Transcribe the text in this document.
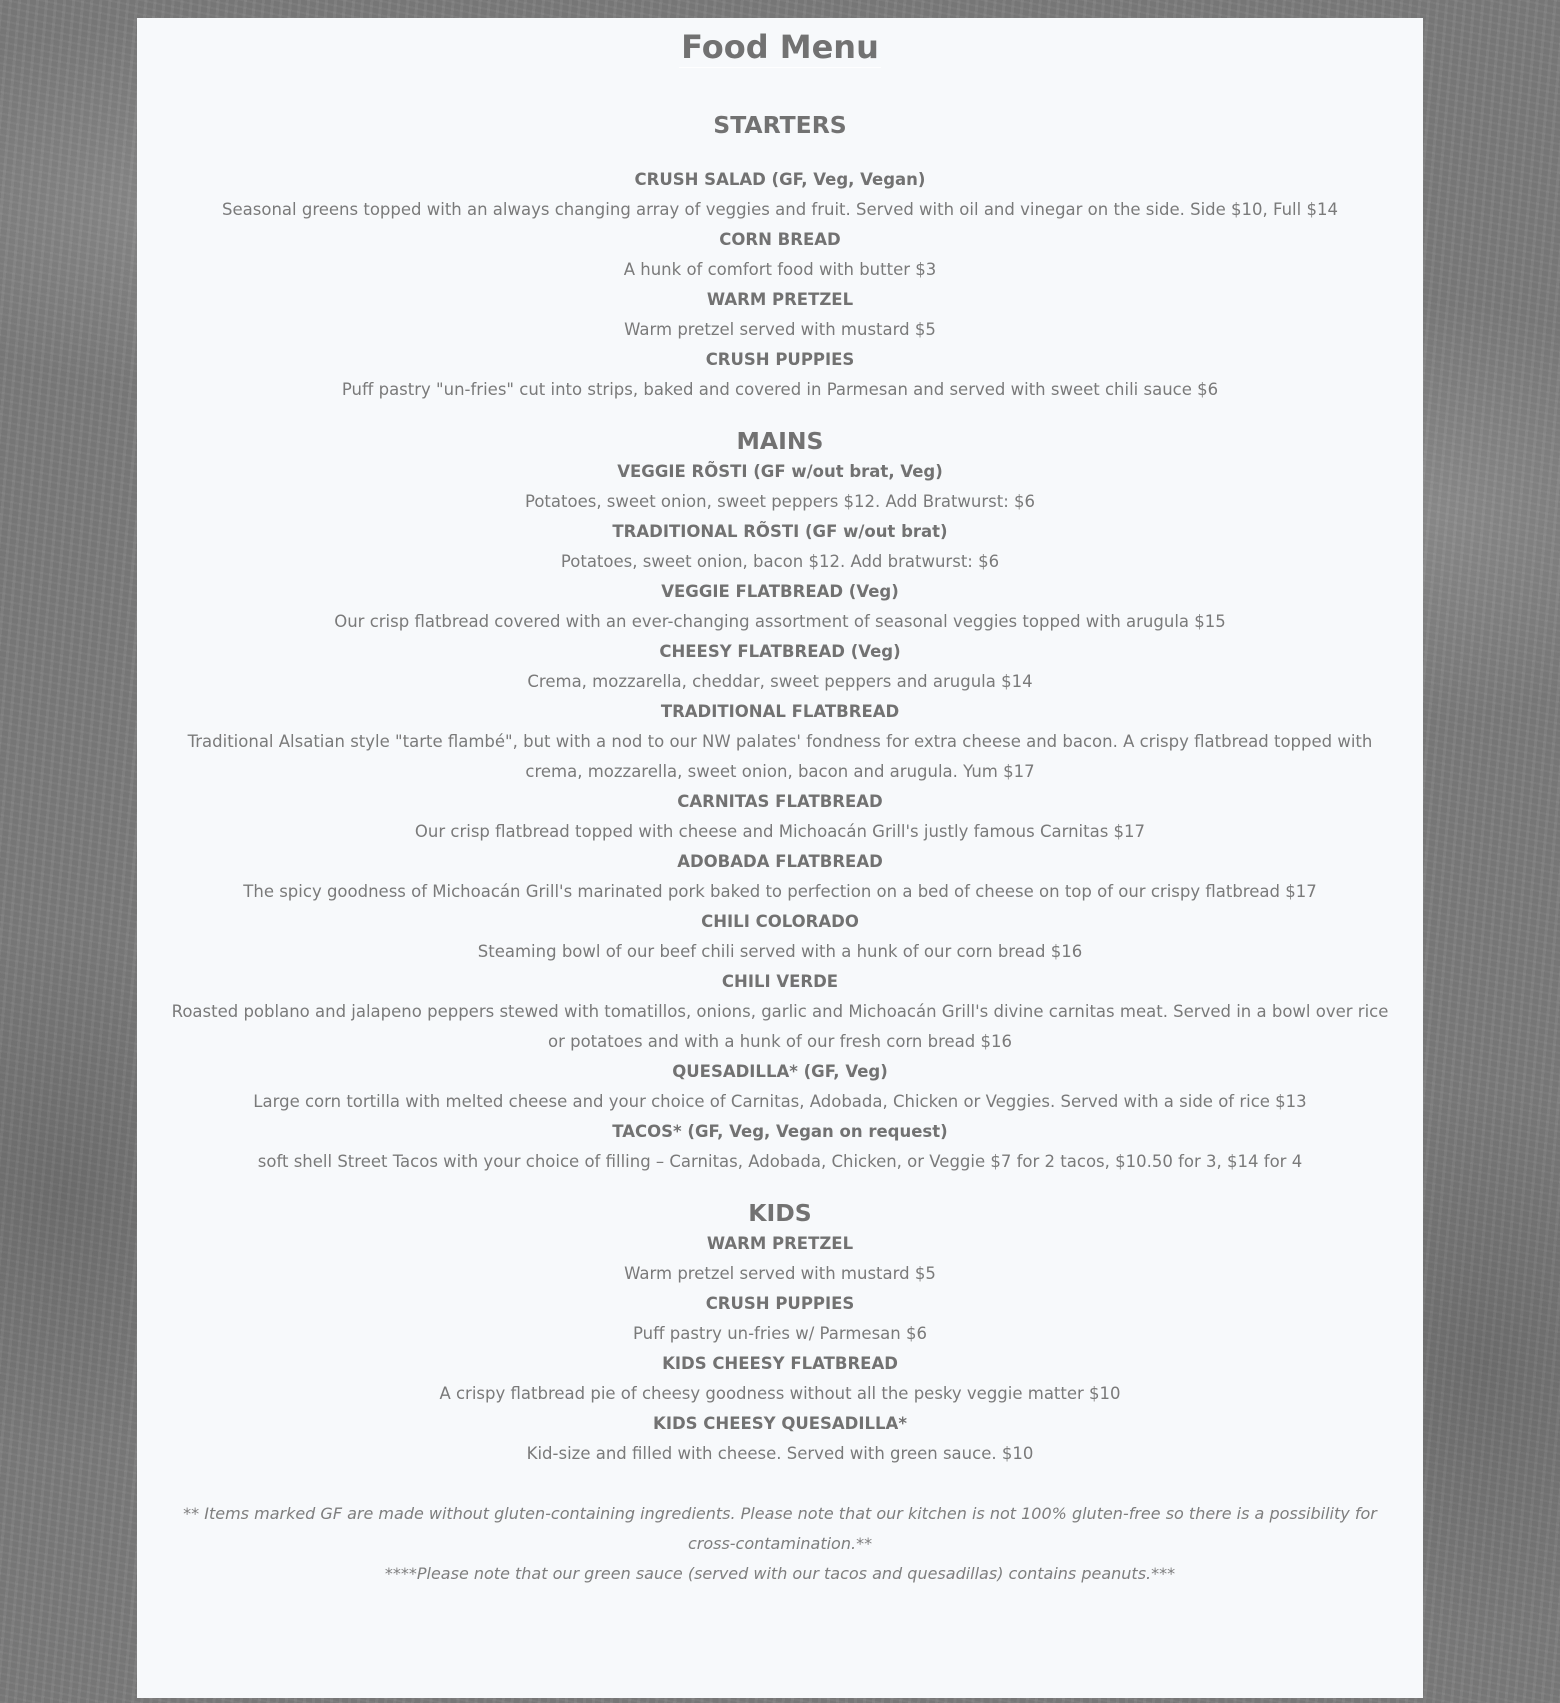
Food Menu
STARTERS

CRUSH SALAD (GF, Veg, Vegan)

Seasonal greens topped with an always changing array of veggies and fruit. Served with oil and vinegar on the side. Side $10, Full $14

CORN BREAD

A hunk of comfort food with butter $3

WARM PRETZEL

Warm pretzel served with mustard $5

CRUSH PUPPIES

Puff pastry "un-fries" cut into strips, baked and covered in Parmesan and served with sweet chili sauce $6

MAINS

VEGGIE RÕSTI (GF w/out brat, Veg)

Potatoes, sweet onion, sweet peppers $12. Add Bratwurst: $6

TRADITIONAL RÕSTI (GF w/out brat)

Potatoes, sweet onion, bacon $12. Add bratwurst: $6

VEGGIE FLATBREAD (Veg)

Our crisp flatbread covered with an ever-changing assortment of seasonal veggies topped with arugula $15

CHEESY FLATBREAD (Veg)

Crema, mozzarella, cheddar, sweet peppers and arugula $14

TRADITIONAL FLATBREAD

Traditional Alsatian style "tarte flambé", but with a nod to our NW palates' fondness for extra cheese and bacon. A crispy flatbread topped with crema, mozzarella, sweet onion, bacon and arugula. Yum $17

CARNITAS FLATBREAD

Our crisp flatbread topped with cheese and Michoacán Grill's justly famous Carnitas $17

ADOBADA FLATBREAD

The spicy goodness of Michoacán Grill's marinated pork baked to perfection on a bed of cheese on top of our crispy flatbread $17

CHILI COLORADO

Steaming bowl of our beef chili served with a hunk of our corn bread $16

CHILI VERDE

Roasted poblano and jalapeno peppers stewed with tomatillos, onions, garlic and Michoacán Grill's divine carnitas meat. Served in a bowl over rice or potatoes and with a hunk of our fresh corn bread $16

QUESADILLA* (GF, Veg)

Large corn tortilla with melted cheese and your choice of Carnitas, Adobada, Chicken or Veggies. Served with a side of rice $13

TACOS* (GF, Veg, Vegan on request)

soft shell Street Tacos with your choice of filling – Carnitas, Adobada, Chicken, or Veggie $7 for 2 tacos, $10.50 for 3, $14 for 4

KIDS

WARM PRETZEL

Warm pretzel served with mustard $5

CRUSH PUPPIES

Puff pastry un-fries w/ Parmesan $6

KIDS CHEESY FLATBREAD

A crispy flatbread pie of cheesy goodness without all the pesky veggie matter $10

KIDS CHEESY QUESADILLA*

Kid-size and filled with cheese. Served with green sauce. $10

** Items marked GF are made without gluten-containing ingredients. Please note that our kitchen is not 100% gluten-free so there is a possibility for cross-contamination.**

****Please note that our green sauce (served with our tacos and quesadillas) contains peanuts.***
